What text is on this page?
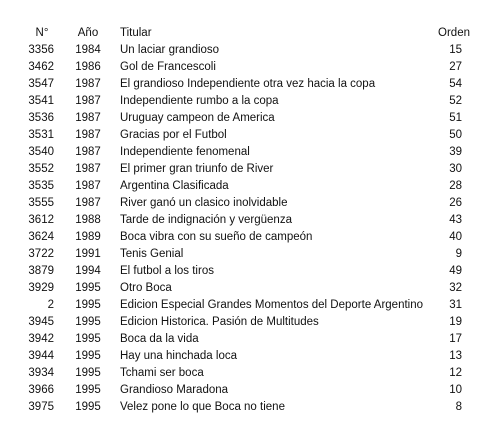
N°	Año	Titular	Orden
3356	1984	Un laciar grandioso	15
3462	1986	Gol de Francescoli	27
3547	1987	El grandioso Independiente otra vez hacia la copa	54
3541	1987	Independiente rumbo a la copa	52
3536	1987	Uruguay campeon de America	51
3531	1987	Gracias por el Futbol	50
3540	1987	Independiente fenomenal	39
3552	1987	El primer gran triunfo de River	30
3535	1987	Argentina Clasificada	28
3555	1987	River ganó un clasico inolvidable	26
3612	1988	Tarde de indignación y vergüenza	43
3624	1989	Boca vibra con su sueño de campeón	40
3722	1991	Tenis Genial	9
3879	1994	El futbol a los tiros	49
3929	1995	Otro Boca	32
2	1995	Edicion Especial Grandes Momentos del Deporte Argentino	31
3945	1995	Edicion Historica. Pasión de Multitudes	19
3942	1995	Boca da la vida	17
3944	1995	Hay una hinchada loca	13
3934	1995	Tchami ser boca	12
3966	1995	Grandioso Maradona	10
3975	1995	Velez pone lo que Boca no tiene	8
